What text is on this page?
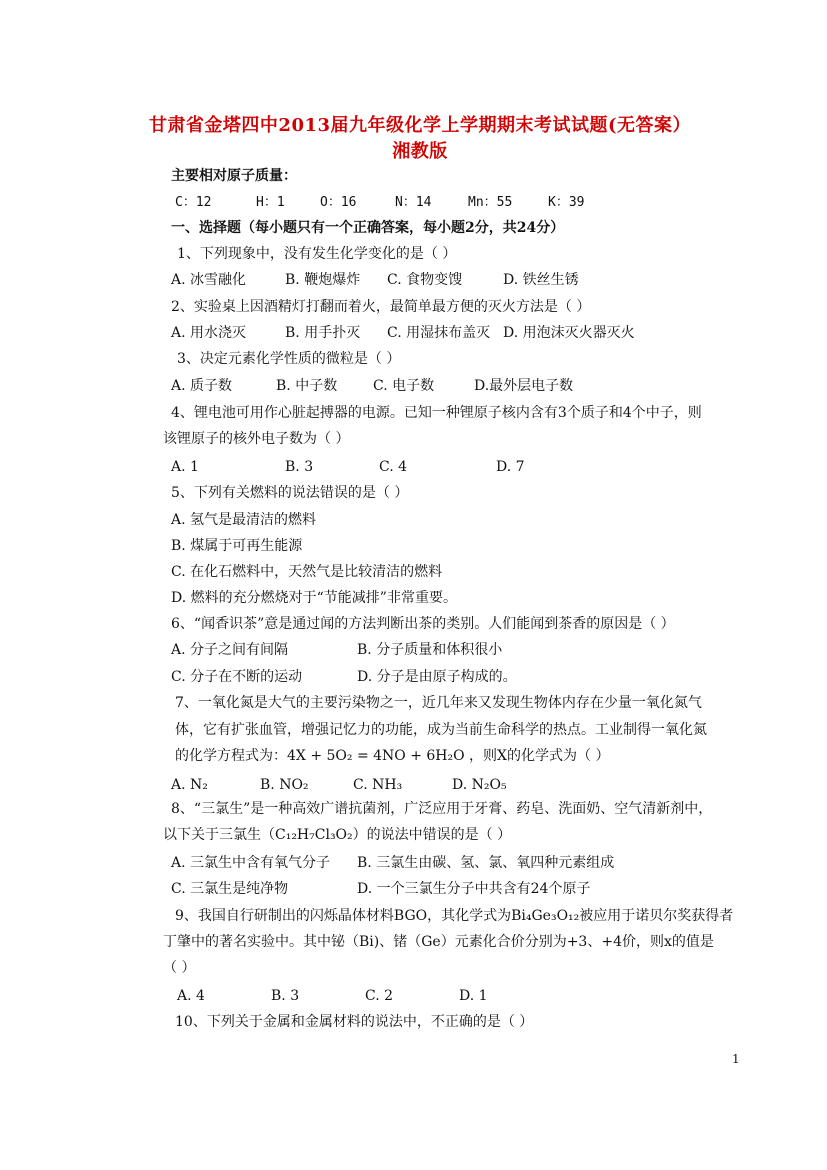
甘肃省金塔四中2013届九年级化学上学期期末考试试题(无答案）
湘教版
主要相对原子质量：
C：12	H：1	O：16	N：14	Mn：55	K：39
一、选择题（每小题只有一个正确答案，每小题2分，共24分）
1、下列现象中，没有发生化学变化的是（ ）
A. 冰雪融化	B. 鞭炮爆炸 C. 食物变馊	D. 铁丝生锈
2、实验桌上因酒精灯打翻而着火，最简单最方便的灭火方法是（ ）
A. 用水浇灭	B. 用手扑灭 C. 用湿抹布盖灭 D. 用泡沫灭火器灭火
3、决定元素化学性质的微粒是（ ）
A. 质子数	B. 中子数	C. 电子数	D.最外层电子数
4、锂电池可用作心脏起搏器的电源。已知一种锂原子核内含有3个质子和4个中子，则
该锂原子的核外电子数为（ ）
A. 1	B. 3	C. 4	D. 7
5、下列有关燃料的说法错误的是（ ）
A. 氢气是最清洁的燃料
B. 煤属于可再生能源
C. 在化石燃料中，天然气是比较清洁的燃料
D. 燃料的充分燃烧对于“节能减排”非常重要。
6、“闻香识茶”意是通过闻的方法判断出茶的类别。人们能闻到茶香的原因是（ ）
A. 分子之间有间隔	B. 分子质量和体积很小
C. 分子在不断的运动	D. 分子是由原子构成的。
7、一氧化氮是大气的主要污染物之一，近几年来又发现生物体内存在少量一氧化氮气
体，它有扩张血管，增强记忆力的功能，成为当前生命科学的热点。工业制得一氧化氮
的化学方程式为：4X + 5O₂ = 4NO + 6H₂O ，则X的化学式为（ ）
A. N₂	B. NO₂	C. NH₃	D. N₂O₅
8、“三氯生”是一种高效广谱抗菌剂，广泛应用于牙膏、药皂、洗面奶、空气清新剂中，
以下关于三氯生（C₁₂H₇Cl₃O₂）的说法中错误的是（ ）
A. 三氯生中含有氧气分子 B. 三氯生由碳、氢、氯、氧四种元素组成
C. 三氯生是纯净物	D. 一个三氯生分子中共含有24个原子
9、我国自行研制出的闪烁晶体材料BGO，其化学式为Bi₄Ge₃O₁₂被应用于诺贝尔奖获得者
丁肇中的著名实验中。其中铋（Bi)、锗（Ge）元素化合价分别为+3、+4价，则x的值是
（ ）
A. 4	B. 3	C. 2	D. 1
10、下列关于金属和金属材料的说法中，不正确的是（ ）
1
